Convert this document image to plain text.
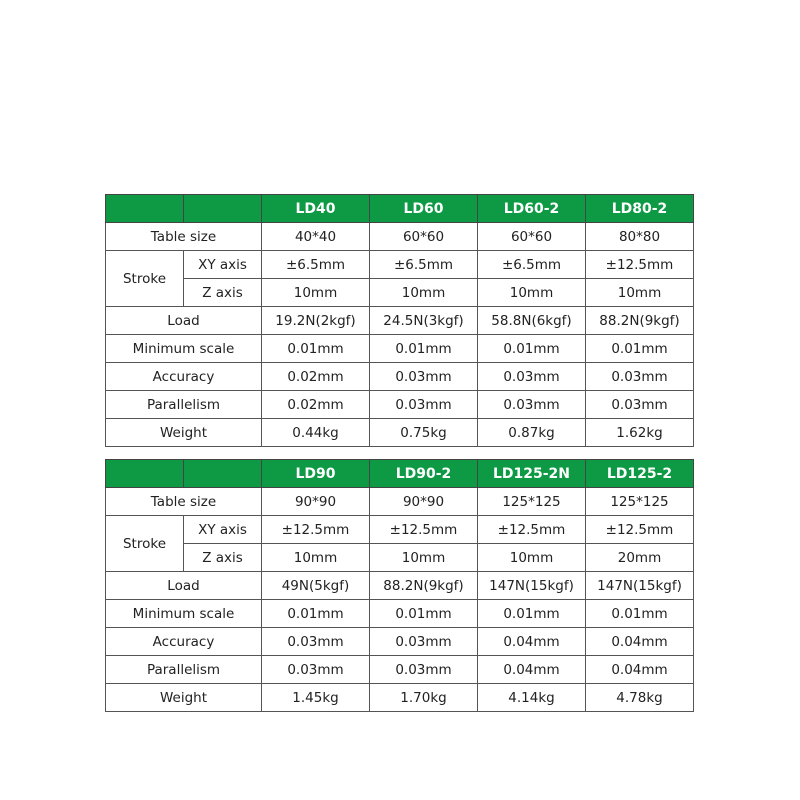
		LD40	LD60	LD60-2	LD80-2
Table size		40*40	60*60	60*60	80*80
Stroke	XY axis	±6.5mm	±6.5mm	±6.5mm	±12.5mm
	Z axis	10mm	10mm	10mm	10mm
Load		19.2N(2kgf)	24.5N(3kgf)	58.8N(6kgf)	88.2N(9kgf)
Minimum scale		0.01mm	0.01mm	0.01mm	0.01mm
Accuracy		0.02mm	0.03mm	0.03mm	0.03mm
Parallelism		0.02mm	0.03mm	0.03mm	0.03mm
Weight		0.44kg	0.75kg	0.87kg	1.62kg
		LD90	LD90-2	LD125-2N	LD125-2
Table size		90*90	90*90	125*125	125*125
Stroke	XY axis	±12.5mm	±12.5mm	±12.5mm	±12.5mm
	Z axis	10mm	10mm	10mm	20mm
Load		49N(5kgf)	88.2N(9kgf)	147N(15kgf)	147N(15kgf)
Minimum scale		0.01mm	0.01mm	0.01mm	0.01mm
Accuracy		0.03mm	0.03mm	0.04mm	0.04mm
Parallelism		0.03mm	0.03mm	0.04mm	0.04mm
Weight		1.45kg	1.70kg	4.14kg	4.78kg
